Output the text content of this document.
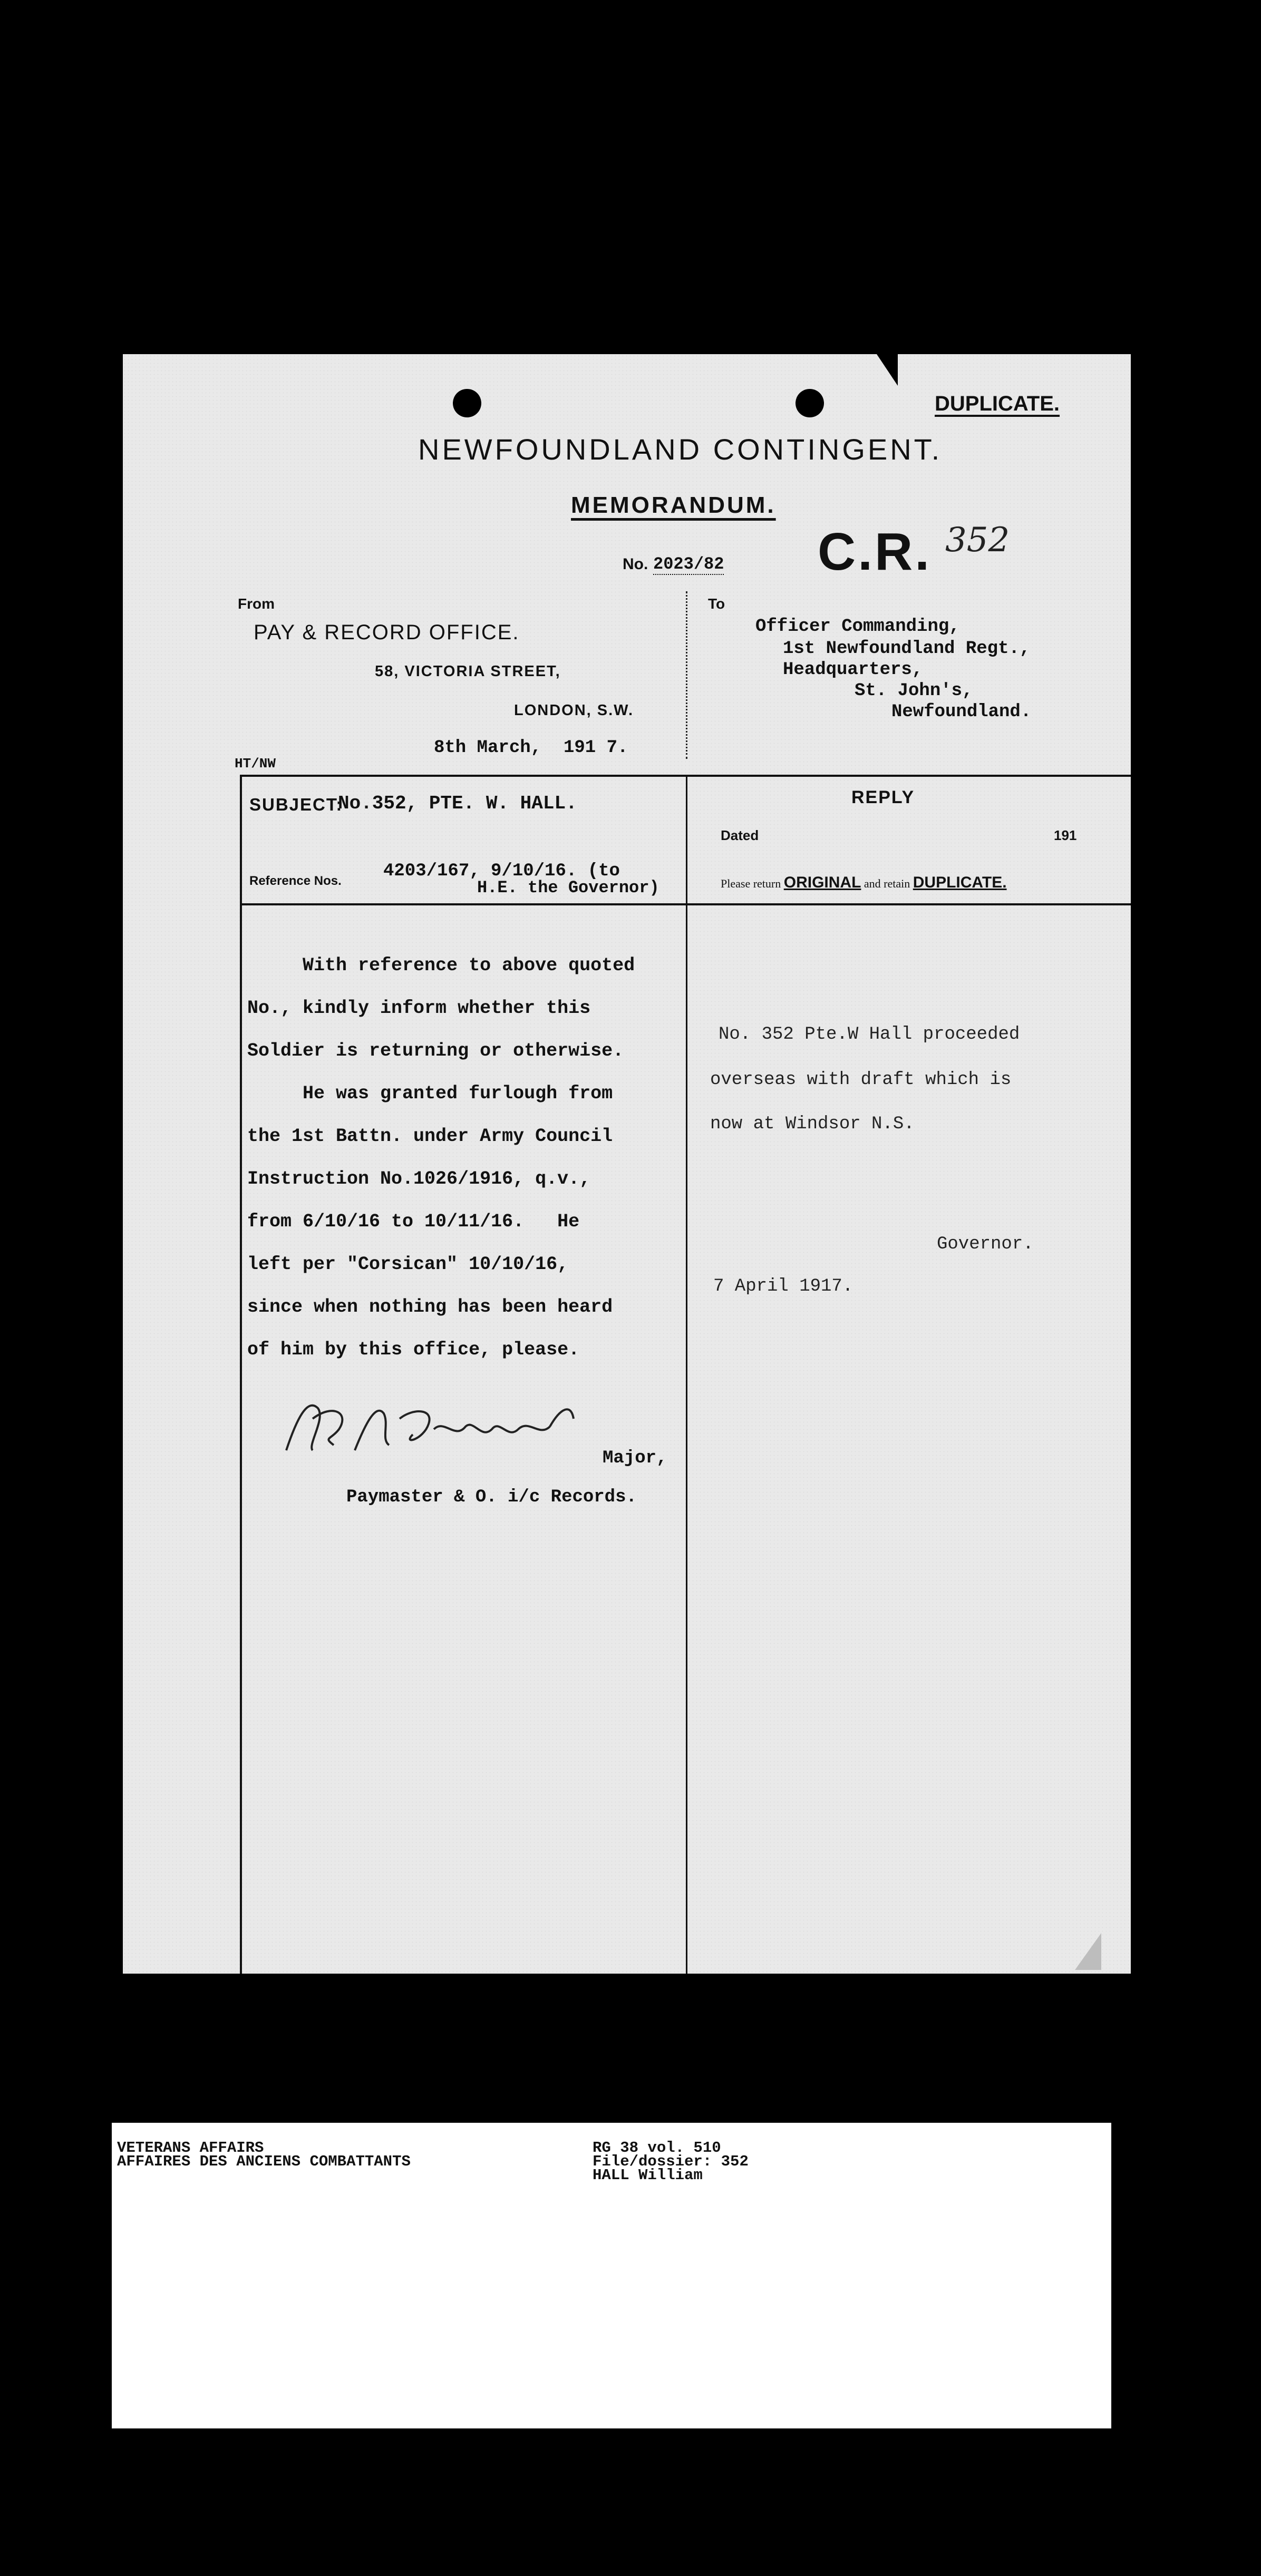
DUPLICATE.
NEWFOUNDLAND CONTINGENT.
MEMORANDUM.
No. 2023/82 C.R. 352
From
PAY & RECORD OFFICE.
58, VICTORIA STREET,
LONDON, S.W.
8th March, 191 7.
HT/NW
To
Officer Commanding,
1st Newfoundland Regt.,
Headquarters,
St. John's,
Newfoundland.
SUBJECT:
No.352, PTE. W. HALL.	REPLY
Dated	191
Reference Nos. 4203/167, 9/10/16. (to
H.E. the Governor)	Please return ORIGINAL and retain DUPLICATE.
With reference to above quoted
No., kindly inform whether this
Soldier is returning or otherwise.
He was granted furlough from
the 1st Battn. under Army Council
Instruction No.1026/1916, q.v.,
from 6/10/16 to 10/11/16.   He
left per "Corsican" 10/10/16,
since when nothing has been heard
of him by this office, please.
Major,
Paymaster & O. i/c Records.
No. 352 Pte.W Hall proceeded
overseas with draft which is
now at Windsor N.S.
Governor.
7 April 1917.
VETERANS AFFAIRS
AFFAIRES DES ANCIENS COMBATTANTS
RG 38 vol. 510
File/dossier: 352
HALL William
